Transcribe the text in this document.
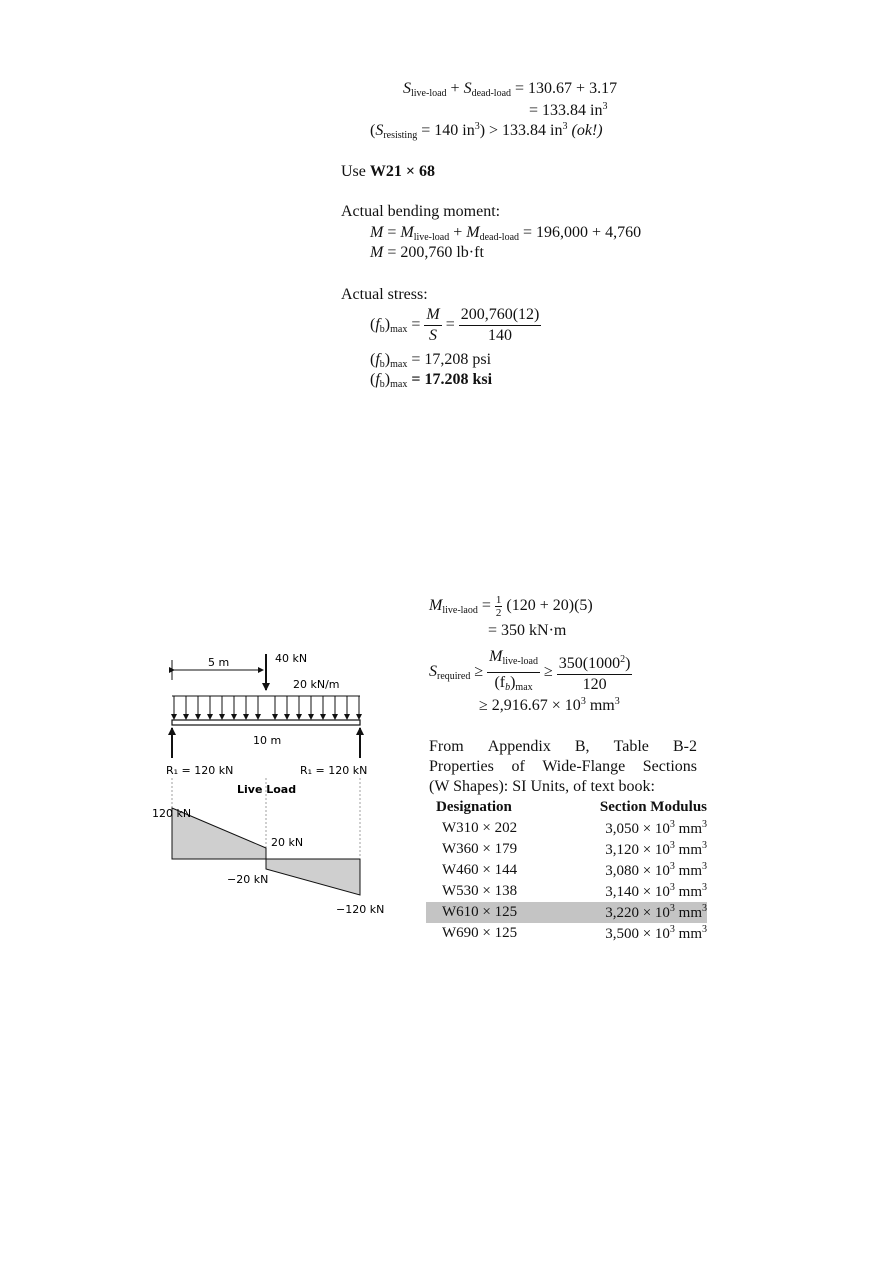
$S_{live-load} + S_{dead-load} = 130.67 + 3.17$
= 133.84 $in^3$
($S_{resisting} = 140$ $in^3) > 133.84$ $in^3$ (ok!)
Use W21 × 68
Actual bending moment:
$M = M_{live-load} + M_{dead-load} = 196,000 + 4,760$
M = 200,760 lb·ft
Actual stress:
$(f_b)_{max} = \frac{M}{S} = \frac{200,760(12)}{140}$
$(f_b)_{max} = 17,208$ psi
$(f_b)_{max} = 17.208$ ksi
5 m	40 kN
20 kN/m
10 m
R₁ = 120 kN	R₁ = 120 kN
Live Load
120 kN
20 kN
−20 kN
−120 kN
$M_{live-laod} = \frac{1}{2} (120 + 20)(5)$
= 350 kN·m
$S_{required} \ge \frac{M_{live-load}}{(f_b)_{max}} \ge \frac{350(1000^2)}{120}$
≥ $2,916.67 \times 10^3$ $mm^3$
From Appendix B, Table B-2
Properties of Wide-Flange Sections
(W Shapes): SI Units, of text book:
Designation	Section Modulus
W310 × 202	$3,050 \times 10^3$ $mm^3$
W360 × 179	$3,120 \times 10^3$ $mm^3$
W460 × 144	$3,080 \times 10^3$ $mm^3$
W530 × 138	$3,140 \times 10^3$ $mm^3$
W610 × 125	$3,220 \times 10^3$ $mm^3$
W690 × 125	$3,500 \times 10^3$ $mm^3$
